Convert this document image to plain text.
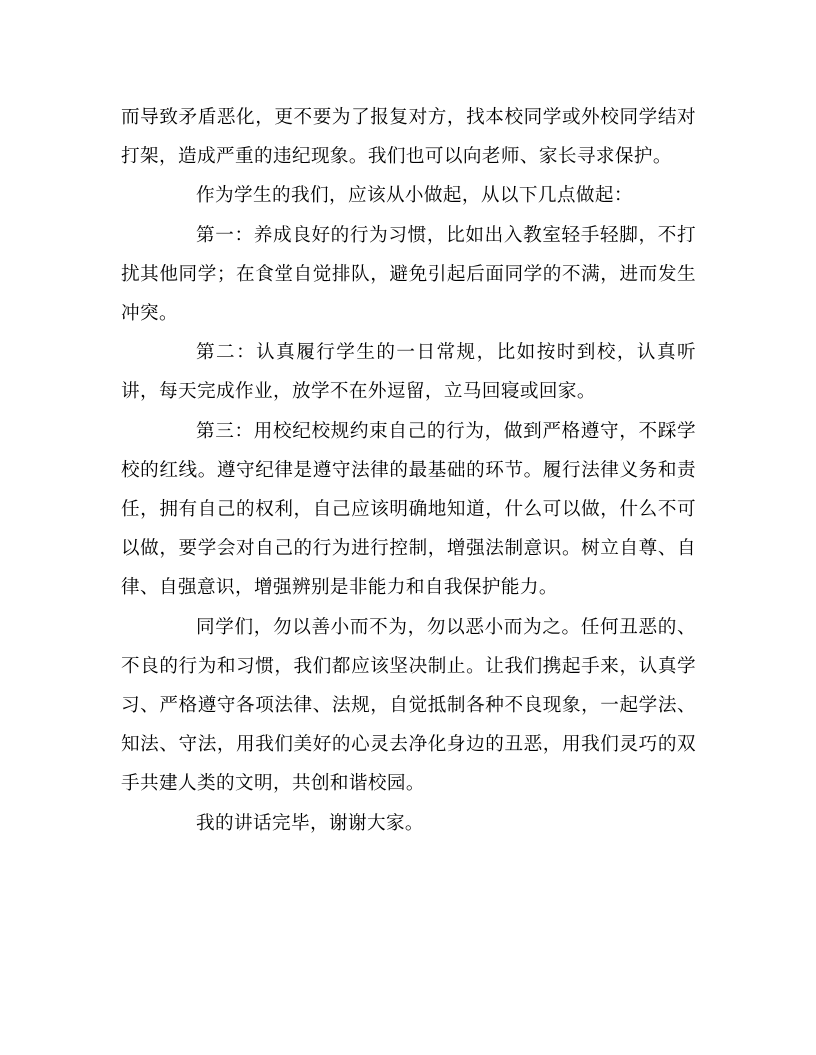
而导致矛盾恶化，更不要为了报复对方，找本校同学或外校同学结对打架，造成严重的违纪现象。我们也可以向老师、家长寻求保护。

作为学生的我们，应该从小做起，从以下几点做起：

第一：养成良好的行为习惯，比如出入教室轻手轻脚，不打扰其他同学；在食堂自觉排队，避免引起后面同学的不满，进而发生冲突。

第二：认真履行学生的一日常规，比如按时到校，认真听讲，每天完成作业，放学不在外逗留，立马回寝或回家。

第三：用校纪校规约束自己的行为，做到严格遵守，不踩学校的红线。遵守纪律是遵守法律的最基础的环节。履行法律义务和责任，拥有自己的权利，自己应该明确地知道，什么可以做，什么不可以做，要学会对自己的行为进行控制，增强法制意识。树立自尊、自律、自强意识，增强辨别是非能力和自我保护能力。

同学们，勿以善小而不为，勿以恶小而为之。任何丑恶的、不良的行为和习惯，我们都应该坚决制止。让我们携起手来，认真学习、严格遵守各项法律、法规，自觉抵制各种不良现象，一起学法、知法、守法，用我们美好的心灵去净化身边的丑恶，用我们灵巧的双手共建人类的文明，共创和谐校园。

我的讲话完毕，谢谢大家。
